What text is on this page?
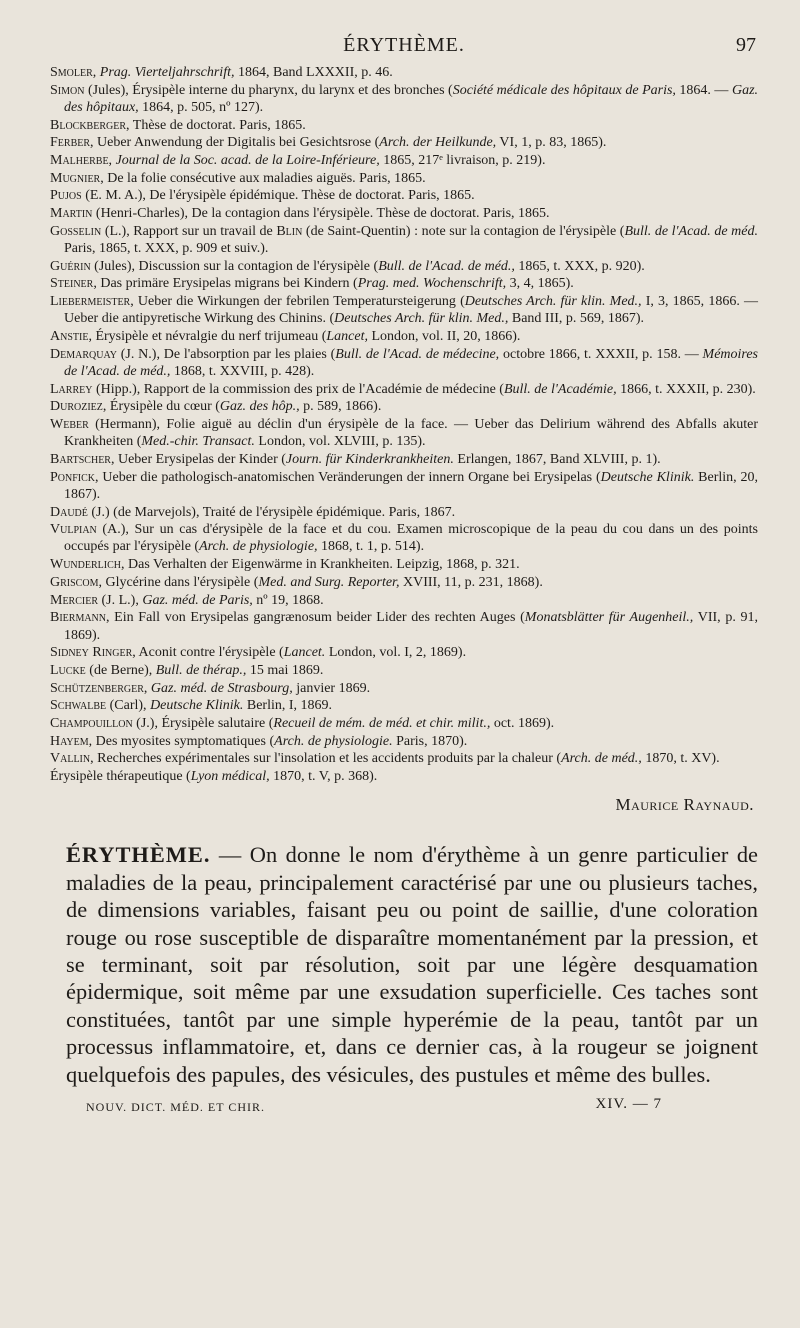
ÉRYTHÈME.	97

Smoler, Prag. Vierteljahrschrift, 1864, Band LXXXII, p. 46.

Simon (Jules), Érysipèle interne du pharynx, du larynx et des bronches (Société médicale des hôpitaux de Paris, 1864. — Gaz. des hôpitaux, 1864, p. 505, nº 127).

Blockberger, Thèse de doctorat. Paris, 1865.

Ferber, Ueber Anwendung der Digitalis bei Gesichtsrose (Arch. der Heilkunde, VI, 1, p. 83, 1865).

Malherbe, Journal de la Soc. acad. de la Loire-Inférieure, 1865, 217ᵉ livraison, p. 219).

Mugnier, De la folie consécutive aux maladies aiguës. Paris, 1865.

Pujos (E. M. A.), De l'érysipèle épidémique. Thèse de doctorat. Paris, 1865.

Martin (Henri-Charles), De la contagion dans l'érysipèle. Thèse de doctorat. Paris, 1865.

Gosselin (L.), Rapport sur un travail de Blin (de Saint-Quentin) : note sur la contagion de l'érysipèle (Bull. de l'Acad. de méd. Paris, 1865, t. XXX, p. 909 et suiv.).

Guérin (Jules), Discussion sur la contagion de l'érysipèle (Bull. de l'Acad. de méd., 1865, t. XXX, p. 920).

Steiner, Das primäre Erysipelas migrans bei Kindern (Prag. med. Wochenschrift, 3, 4, 1865).

Liebermeister, Ueber die Wirkungen der febrilen Temperatursteigerung (Deutsches Arch. für klin. Med., I, 3, 1865, 1866. — Ueber die antipyretische Wirkung des Chinins. (Deutsches Arch. für klin. Med., Band III, p. 569, 1867).

Anstie, Érysipèle et névralgie du nerf trijumeau (Lancet, London, vol. II, 20, 1866).

Demarquay (J. N.), De l'absorption par les plaies (Bull. de l'Acad. de médecine, octobre 1866, t. XXXII, p. 158. — Mémoires de l'Acad. de méd., 1868, t. XXVIII, p. 428).

Larrey (Hipp.), Rapport de la commission des prix de l'Académie de médecine (Bull. de l'Académie, 1866, t. XXXII, p. 230).

Duroziez, Érysipèle du cœur (Gaz. des hôp., p. 589, 1866).

Weber (Hermann), Folie aiguë au déclin d'un érysipèle de la face. — Ueber das Delirium während des Abfalls akuter Krankheiten (Med.-chir. Transact. London, vol. XLVIII, p. 135).

Bartscher, Ueber Erysipelas der Kinder (Journ. für Kinderkrankheiten. Erlangen, 1867, Band XLVIII, p. 1).

Ponfick, Ueber die pathologisch-anatomischen Veränderungen der innern Organe bei Erysipelas (Deutsche Klinik. Berlin, 20, 1867).

Daudé (J.) (de Marvejols), Traité de l'érysipèle épidémique. Paris, 1867.

Vulpian (A.), Sur un cas d'érysipèle de la face et du cou. Examen microscopique de la peau du cou dans un des points occupés par l'érysipèle (Arch. de physiologie, 1868, t. 1, p. 514).

Wunderlich, Das Verhalten der Eigenwärme in Krankheiten. Leipzig, 1868, p. 321.

Griscom, Glycérine dans l'érysipèle (Med. and Surg. Reporter, XVIII, 11, p. 231, 1868).

Mercier (J. L.), Gaz. méd. de Paris, nº 19, 1868.

Biermann, Ein Fall von Erysipelas gangrænosum beider Lider des rechten Auges (Monatsblätter für Augenheil., VII, p. 91, 1869).

Sidney Ringer, Aconit contre l'érysipèle (Lancet. London, vol. I, 2, 1869).

Lucke (de Berne), Bull. de thérap., 15 mai 1869.

Schützenberger, Gaz. méd. de Strasbourg, janvier 1869.

Schwalbe (Carl), Deutsche Klinik. Berlin, I, 1869.

Champouillon (J.), Érysipèle salutaire (Recueil de mém. de méd. et chir. milit., oct. 1869).

Hayem, Des myosites symptomatiques (Arch. de physiologie. Paris, 1870).

Vallin, Recherches expérimentales sur l'insolation et les accidents produits par la chaleur (Arch. de méd., 1870, t. XV).

Érysipèle thérapeutique (Lyon médical, 1870, t. V, p. 368).

Maurice Raynaud.

ÉRYTHÈME. — On donne le nom d'érythème à un genre particulier de maladies de la peau, principalement caractérisé par une ou plusieurs taches, de dimensions variables, faisant peu ou point de saillie, d'une coloration rouge ou rose susceptible de disparaître momentanément par la pression, et se terminant, soit par résolution, soit par une légère desquamation épidermique, soit même par une exsudation superficielle. Ces taches sont constituées, tantôt par une simple hyperémie de la peau, tantôt par un processus inflammatoire, et, dans ce dernier cas, à la rougeur se joignent quelquefois des papules, des vésicules, des pustules et même des bulles.

NOUV. DICT. MÉD. ET CHIR.	XIV. — 7
